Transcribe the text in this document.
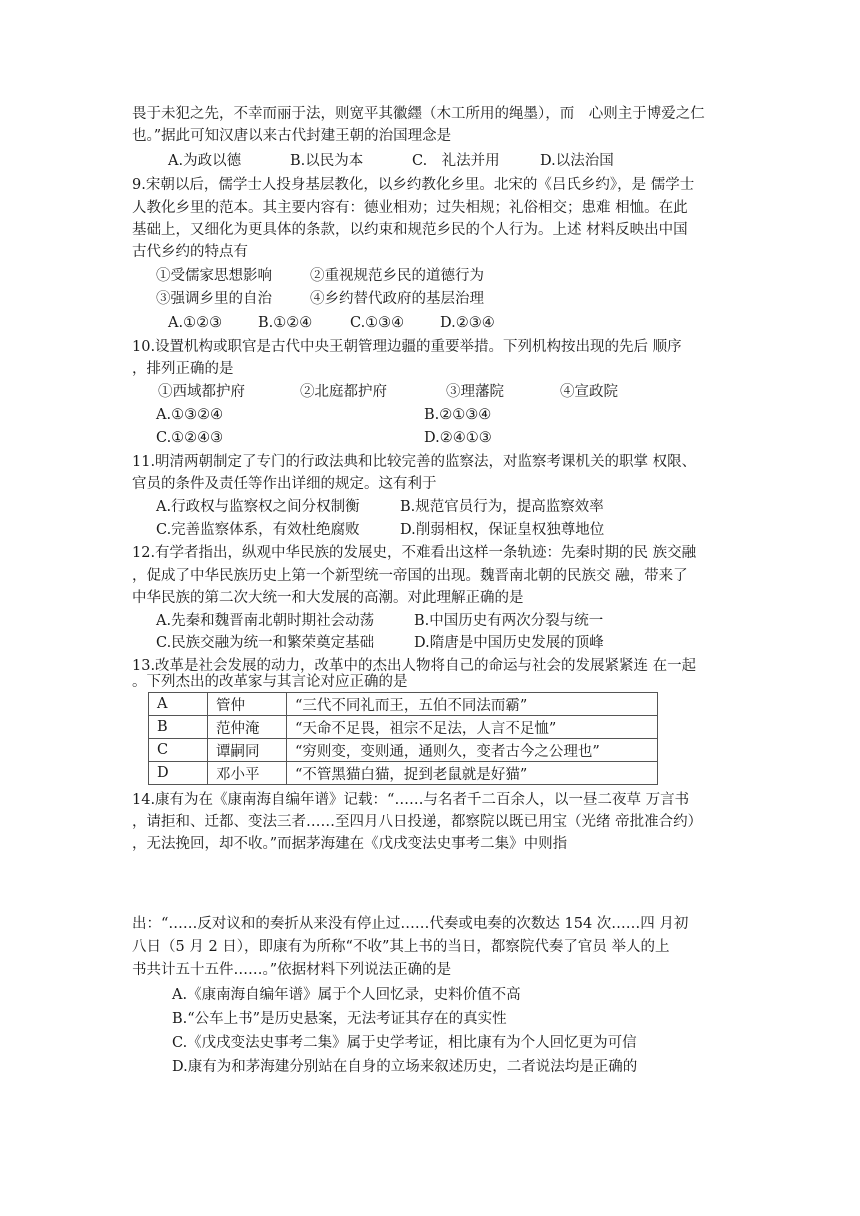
畏于未犯之先，不幸而丽于法，则宽平其徽纆（木工所用的绳墨），而　心则主于博爱之仁
也。”据此可知汉唐以来古代封建王朝的治国理念是
A.为政以德	B.以民为本	C.　礼法并用	D.以法治国
9.宋朝以后，儒学士人投身基层教化，以乡约教化乡里。北宋的《吕氏乡约》，是 儒学士
人教化乡里的范本。其主要内容有：德业相劝；过失相规；礼俗相交；患难 相恤。在此
基础上，又细化为更具体的条款，以约束和规范乡民的个人行为。上述 材料反映出中国
古代乡约的特点有
①受儒家思想影响	②重视规范乡民的道德行为
③强调乡里的自治	④乡约替代政府的基层治理
A.①②③ B.①②④	C.①③④ D.②③④
10.设置机构或职官是古代中央王朝管理边疆的重要举措。下列机构按出现的先后 顺序
，排列正确的是
①西域都护府	②北庭都护府	③理藩院	④宣政院
A.①③②④	B.②①③④
C.①②④③	D.②④①③
11.明清两朝制定了专门的行政法典和比较完善的监察法，对监察考课机关的职掌 权限、
官员的条件及责任等作出详细的规定。这有利于
A.行政权与监察权之间分权制衡	B.规范官员行为，提高监察效率
C.完善监察体系，有效杜绝腐败	D.削弱相权，保证皇权独尊地位
12.有学者指出，纵观中华民族的发展史，不难看出这样一条轨迹：先秦时期的民 族交融
，促成了中华民族历史上第一个新型统一帝国的出现。魏晋南北朝的民族交 融，带来了
中华民族的第二次大统一和大发展的高潮。对此理解正确的是
A.先秦和魏晋南北朝时期社会动荡	B.中国历史有两次分裂与统一
C.民族交融为统一和繁荣奠定基础	D.隋唐是中国历史发展的顶峰
13.改革是社会发展的动力，改革中的杰出人物将自己的命运与社会的发展紧紧连 在一起
。下列杰出的改革家与其言论对应正确的是
A	管仲	“三代不同礼而王，五伯不同法而霸”
B	范仲淹	“天命不足畏，祖宗不足法，人言不足恤”
C	谭嗣同	“穷则变，变则通，通则久，变者古今之公理也”
D	邓小平	“不管黑猫白猫，捉到老鼠就是好猫”
14.康有为在《康南海自编年谱》记载：“……与名者千二百余人，以一昼二夜草 万言书
，请拒和、迁都、变法三者……至四月八日投递，都察院以既已用宝（光绪 帝批准合约）
，无法挽回，却不收。”而据茅海建在《戊戌变法史事考二集》中则指
出：“……反对议和的奏折从来没有停止过……代奏或电奏的次数达 154 次……四 月初
八日（5 月 2 日），即康有为所称“不收”其上书的当日，都察院代奏了官员 举人的上
书共计五十五件……。”依据材料下列说法正确的是
A.《康南海自编年谱》属于个人回忆录，史料价值不高
B.“公车上书”是历史悬案，无法考证其存在的真实性
C.《戊戌变法史事考二集》属于史学考证，相比康有为个人回忆更为可信
D.康有为和茅海建分别站在自身的立场来叙述历史，二者说法均是正确的
